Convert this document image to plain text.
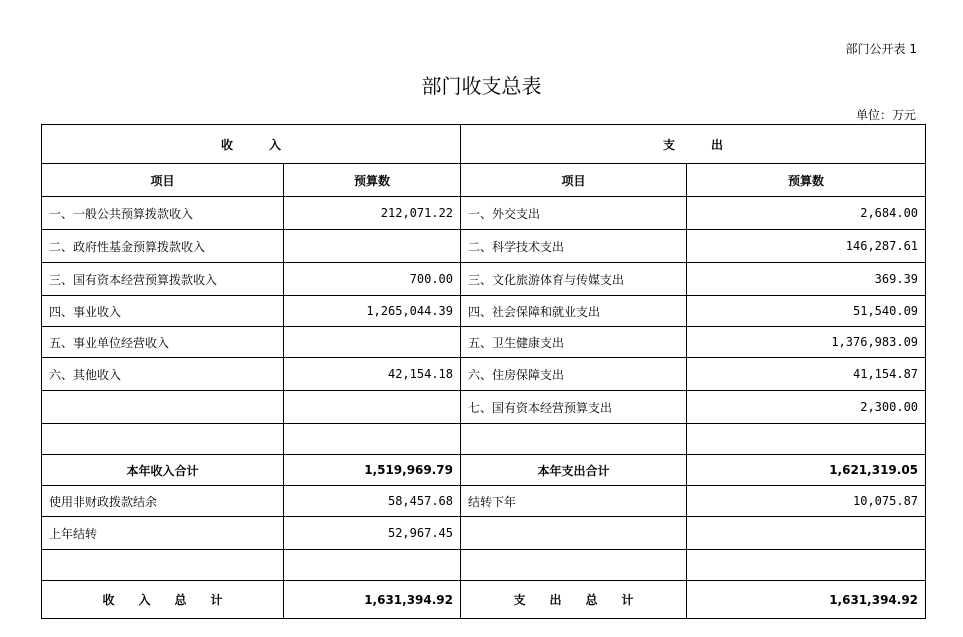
部门公开表 1
部门收支总表
单位：万元
收　　　入		支　　　出	
项目	预算数	项目	预算数
一、一般公共预算拨款收入	212,071.22	一、外交支出	2,684.00
二、政府性基金预算拨款收入		二、科学技术支出	146,287.61
三、国有资本经营预算拨款收入	700.00	三、文化旅游体育与传媒支出	369.39
四、事业收入	1,265,044.39	四、社会保障和就业支出	51,540.09
五、事业单位经营收入		五、卫生健康支出	1,376,983.09
六、其他收入	42,154.18	六、住房保障支出	41,154.87
		七、国有资本经营预算支出	2,300.00

本年收入合计	1,519,969.79	本年支出合计	1,621,319.05
使用非财政拨款结余	58,457.68	结转下年	10,075.87
上年结转	52,967.45		

收　　入　　总　　计	1,631,394.92	支　　出　　总　　计	1,631,394.92
